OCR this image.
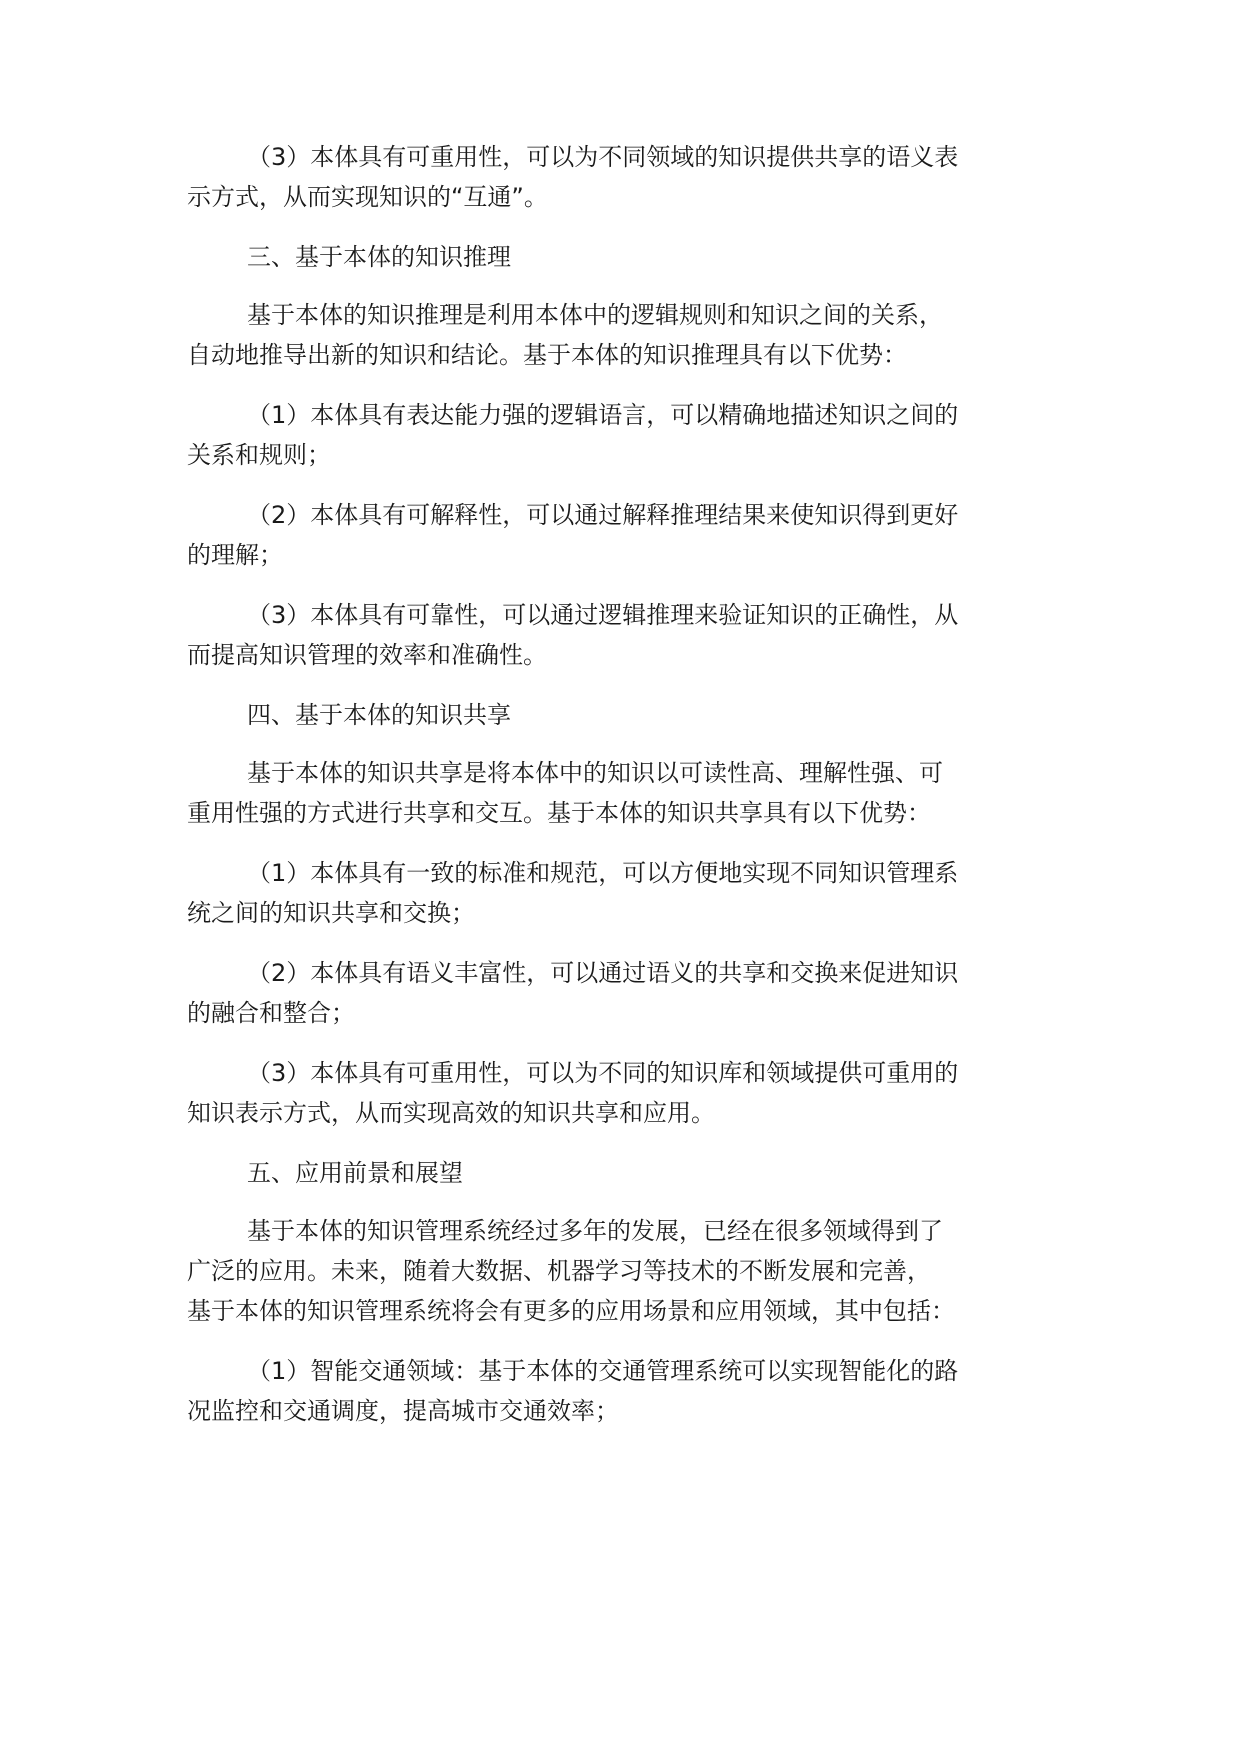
（3）本体具有可重用性，可以为不同领域的知识提供共享的语义表
示方式，从而实现知识的“互通”。

三、基于本体的知识推理

基于本体的知识推理是利用本体中的逻辑规则和知识之间的关系，
自动地推导出新的知识和结论。基于本体的知识推理具有以下优势：

（1）本体具有表达能力强的逻辑语言，可以精确地描述知识之间的
关系和规则；

（2）本体具有可解释性，可以通过解释推理结果来使知识得到更好
的理解；

（3）本体具有可靠性，可以通过逻辑推理来验证知识的正确性，从
而提高知识管理的效率和准确性。

四、基于本体的知识共享

基于本体的知识共享是将本体中的知识以可读性高、理解性强、可
重用性强的方式进行共享和交互。基于本体的知识共享具有以下优势：

（1）本体具有一致的标准和规范，可以方便地实现不同知识管理系
统之间的知识共享和交换；

（2）本体具有语义丰富性，可以通过语义的共享和交换来促进知识
的融合和整合；

（3）本体具有可重用性，可以为不同的知识库和领域提供可重用的
知识表示方式，从而实现高效的知识共享和应用。

五、应用前景和展望

基于本体的知识管理系统经过多年的发展，已经在很多领域得到了
广泛的应用。未来，随着大数据、机器学习等技术的不断发展和完善，
基于本体的知识管理系统将会有更多的应用场景和应用领域，其中包括：

（1）智能交通领域：基于本体的交通管理系统可以实现智能化的路
况监控和交通调度，提高城市交通效率；
